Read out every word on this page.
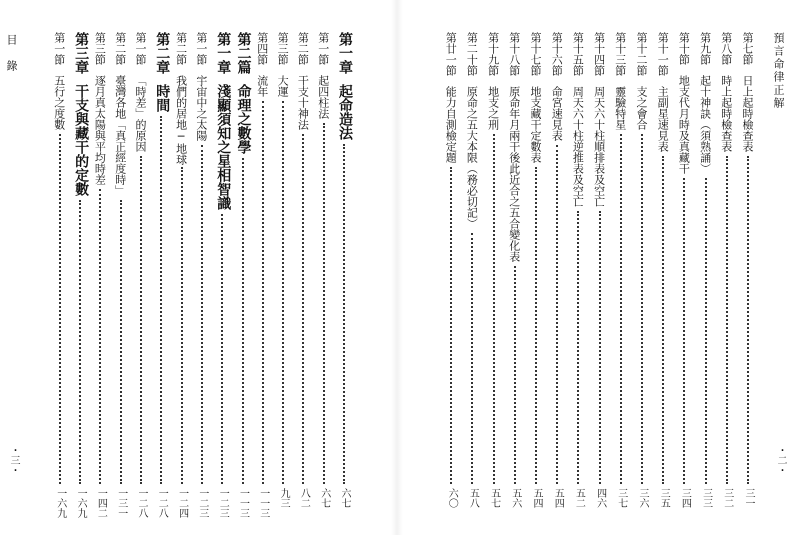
預言命律正解
・二・
第七節
日上起時檢查表
三一
第八節
時上起時檢查表
三二
第九節
起十神訣（須熟誦）
三三
第十節
地支代月時及真藏干
三四
第十一節
主副星速見表
三五
第十二節
支之會合
三六
第十三節
靈驗特星
三七
第十四節
周天六十柱順排表及空亡
四六
第十五節
周天六十柱逆推表及空亡
五二
第十六節
命宮速見表
五四
第十七節
地支藏干定數表
五四
第十八節
原命年月兩干後此近合之五合變化表
五六
第十九節
地支之刑
五七
第二十節
原命之五大本限（務必切記）
五八
第廿一節
能力自測檢定題
六〇
目　錄
・三・
第一章
起命造法
六七
第一節
起四柱法
六七
第二節
干支十神法
八二
第三節
大運
九三
第四節
流年
一一三
第二篇
命理之數學
一一三
第一章
淺顯須知之星相智識
一二三
第一節
宇宙中之太陽
一二三
第二節
我們的居地─地球
一二四
第二章
時間
一二八
第一節
「時差」的原因
一二八
第二節
臺灣各地「真正經度時」
一三一
第三節
逐月真太陽與平均時差
一四二
第三章
干支與藏干的定數
一六九
第一節
五行之度數
一六九
